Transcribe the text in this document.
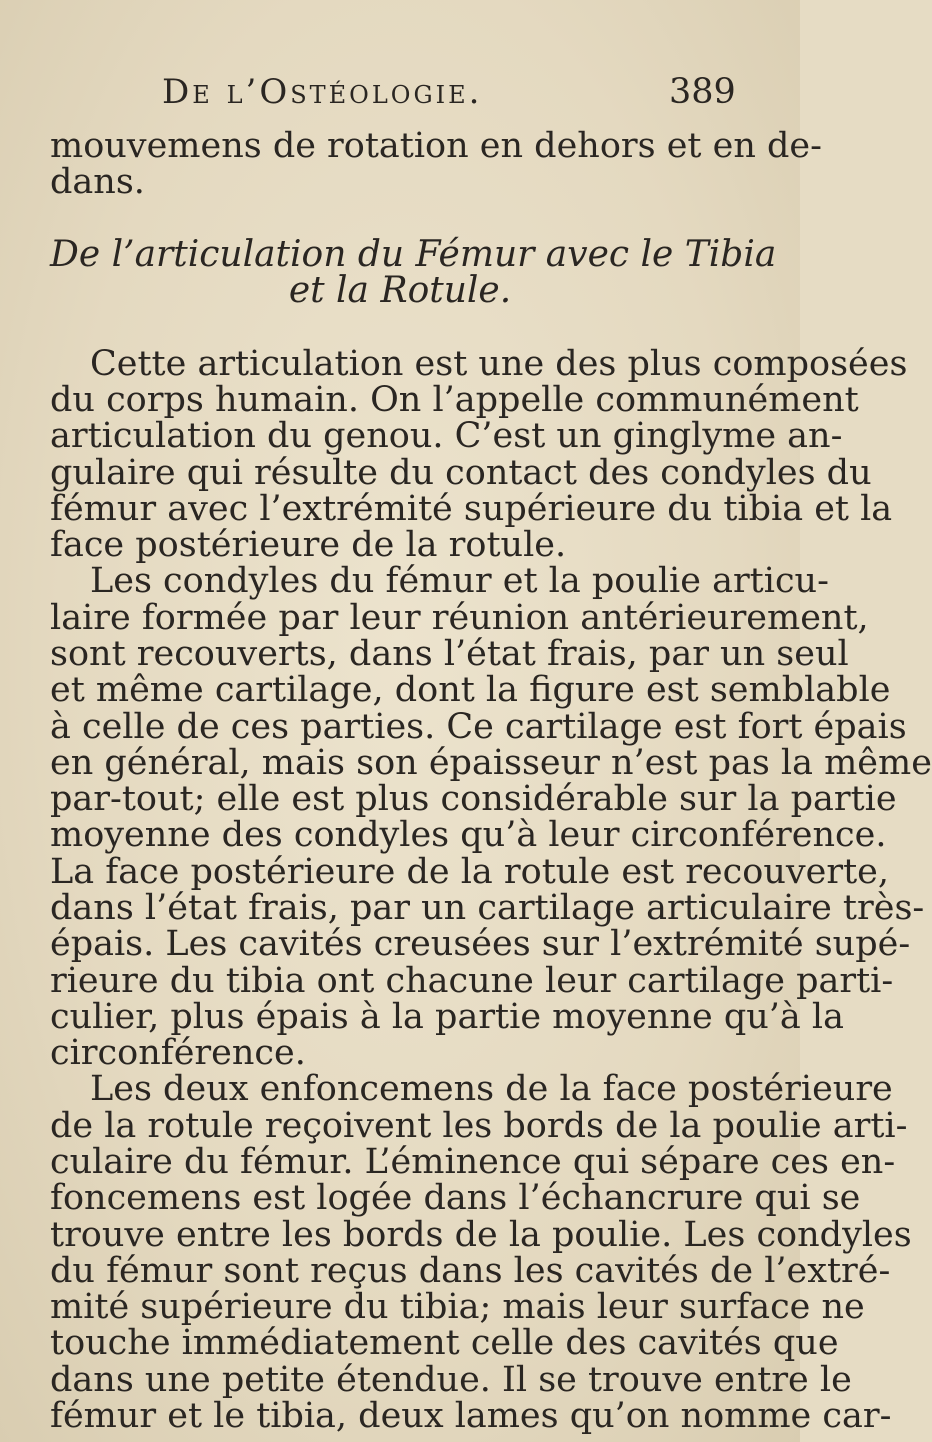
De l’Ostéologie.	389
mouvemens de rotation en dehors et en de-
dans.
De l’articulation du Fémur avec le Tibia
et la Rotule.
Cette articulation est une des plus composées
du corps humain. On l’appelle communément
articulation du genou. C’est un ginglyme an-
gulaire qui résulte du contact des condyles du
fémur avec l’extrémité supérieure du tibia et la
face postérieure de la rotule.
Les condyles du fémur et la poulie articu-
laire formée par leur réunion antérieurement,
sont recouverts, dans l’état frais, par un seul
et même cartilage, dont la figure est semblable
à celle de ces parties. Ce cartilage est fort épais
en général, mais son épaisseur n’est pas la même
par-tout; elle est plus considérable sur la partie
moyenne des condyles qu’à leur circonférence.
La face postérieure de la rotule est recouverte,
dans l’état frais, par un cartilage articulaire très-
épais. Les cavités creusées sur l’extrémité supé-
rieure du tibia ont chacune leur cartilage parti-
culier, plus épais à la partie moyenne qu’à la
circonférence.
Les deux enfoncemens de la face postérieure
de la rotule reçoivent les bords de la poulie arti-
culaire du fémur. L’éminence qui sépare ces en-
foncemens est logée dans l’échancrure qui se
trouve entre les bords de la poulie. Les condyles
du fémur sont reçus dans les cavités de l’extré-
mité supérieure du tibia; mais leur surface ne
touche immédiatement celle des cavités que
dans une petite étendue. Il se trouve entre le
fémur et le tibia, deux lames qu’on nomme car-
